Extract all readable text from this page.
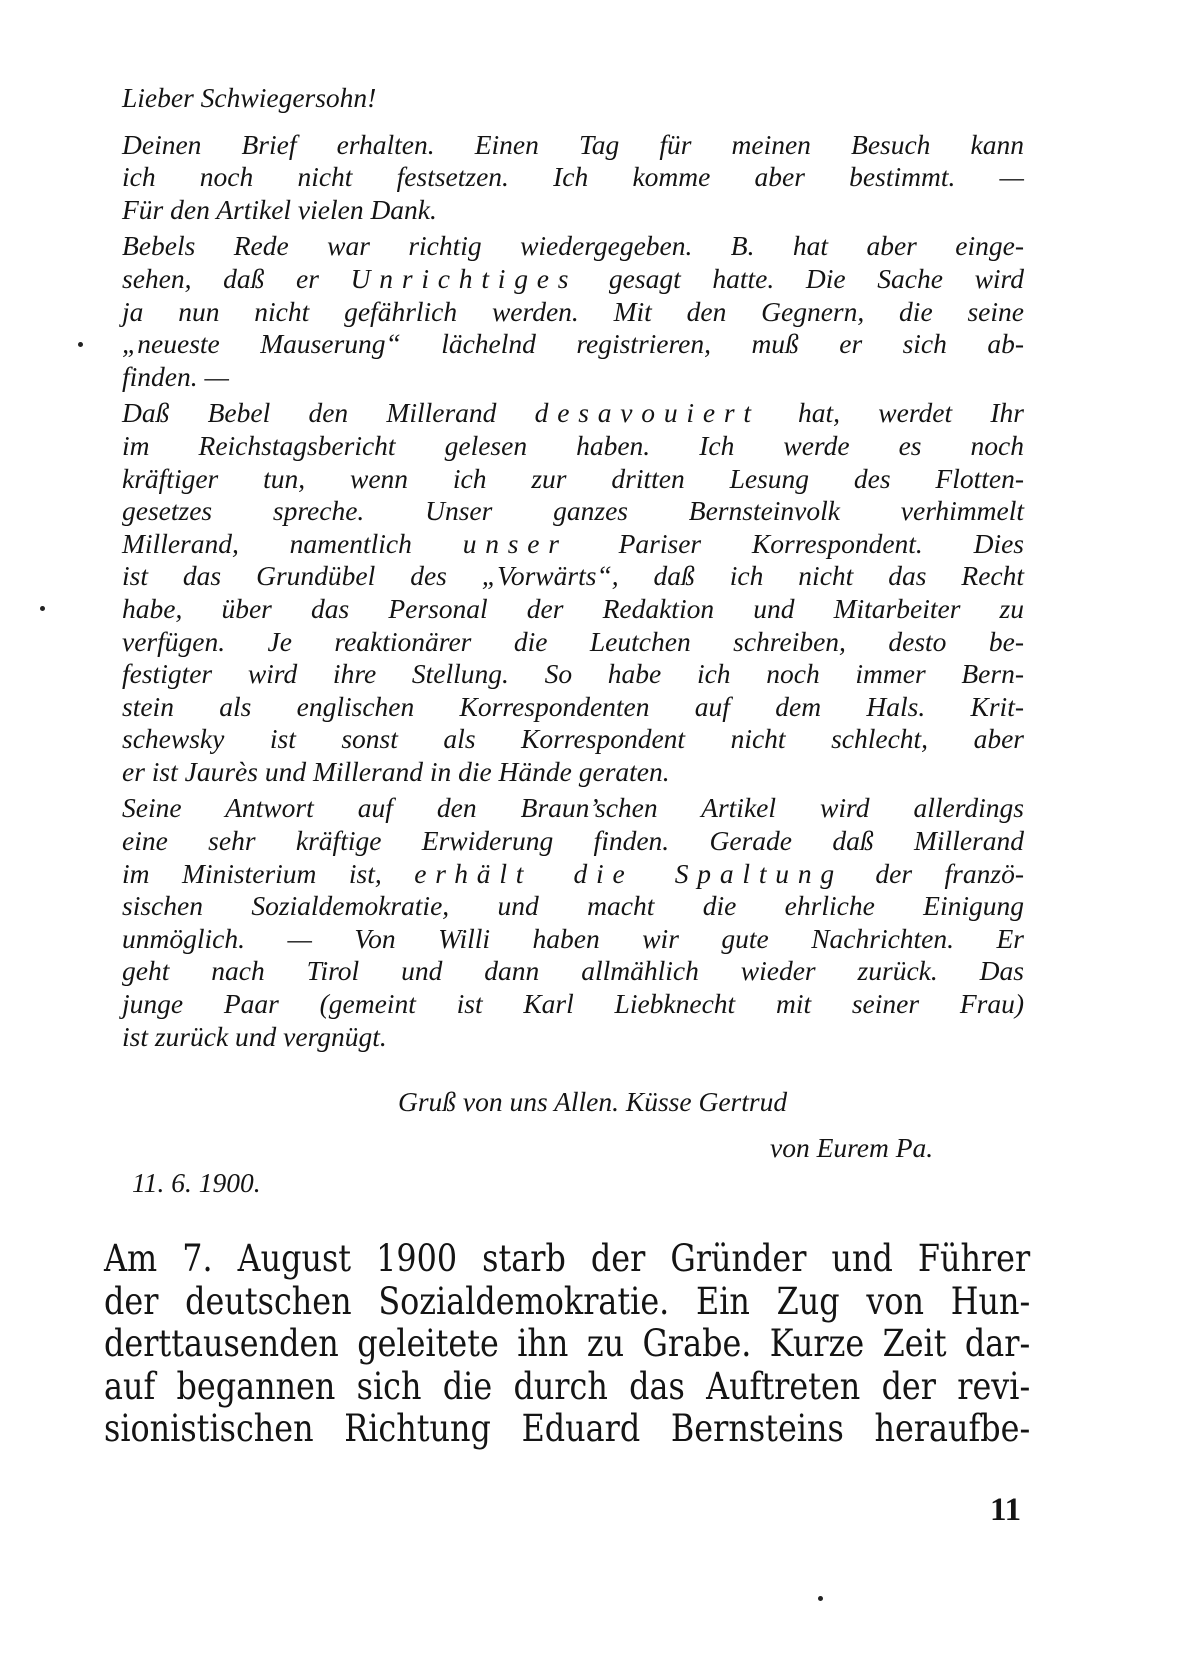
Lieber Schwiegersohn!
Deinen Brief erhalten. Einen Tag für meinen Besuch kann
ich noch nicht festsetzen. Ich komme aber bestimmt. —
Für den Artikel vielen Dank.
Bebels Rede war richtig wiedergegeben. B. hat aber einge-
sehen, daß er Unrichtiges gesagt hatte. Die Sache wird
ja nun nicht gefährlich werden. Mit den Gegnern, die seine
„neueste Mauserung“ lächelnd registrieren, muß er sich ab-
finden. —
Daß Bebel den Millerand desavouiert hat, werdet Ihr
im Reichstagsbericht gelesen haben. Ich werde es noch
kräftiger tun, wenn ich zur dritten Lesung des Flotten-
gesetzes spreche. Unser ganzes Bernsteinvolk verhimmelt
Millerand, namentlich unser Pariser Korrespondent. Dies
ist das Grundübel des „Vorwärts“, daß ich nicht das Recht
habe, über das Personal der Redaktion und Mitarbeiter zu
verfügen. Je reaktionärer die Leutchen schreiben, desto be-
festigter wird ihre Stellung. So habe ich noch immer Bern-
stein als englischen Korrespondenten auf dem Hals. Krit-
schewsky ist sonst als Korrespondent nicht schlecht, aber
er ist Jaurès und Millerand in die Hände geraten.
Seine Antwort auf den Braun’schen Artikel wird allerdings
eine sehr kräftige Erwiderung finden. Gerade daß Millerand
im Ministerium ist, erhält die Spaltung der franzö-
sischen Sozialdemokratie, und macht die ehrliche Einigung
unmöglich. — Von Willi haben wir gute Nachrichten. Er
geht nach Tirol und dann allmählich wieder zurück. Das
junge Paar (gemeint ist Karl Liebknecht mit seiner Frau)
ist zurück und vergnügt.
Gruß von uns Allen. Küsse Gertrud
von Eurem Pa.
11. 6. 1900.
Am 7. August 1900 starb der Gründer und Führer
der deutschen Sozialdemokratie. Ein Zug von Hun-
derttausenden geleitete ihn zu Grabe. Kurze Zeit dar-
auf begannen sich die durch das Auftreten der revi-
sionistischen Richtung Eduard Bernsteins heraufbe-
11
